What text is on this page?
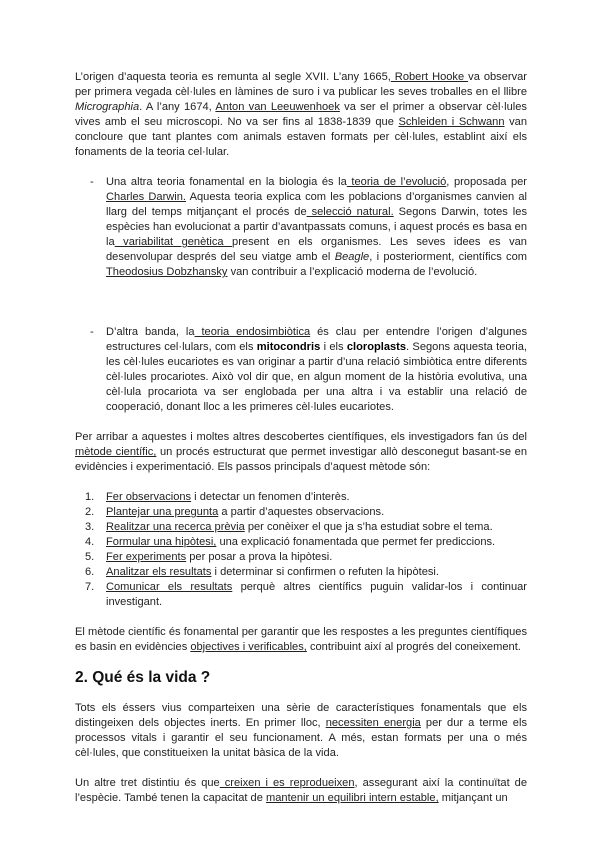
L’origen d’aquesta teoria es remunta al segle XVII. L’any 1665, Robert Hooke va observar per primera vegada cèl·lules en làmines de suro i va publicar les seves troballes en el llibre Micrographia. A l’any 1674, Anton van Leeuwenhoek va ser el primer a observar cèl·lules vives amb el seu microscopi. No va ser fins al 1838-1839 que Schleiden i Schwann van concloure que tant plantes com animals estaven formats per cèl·lules, establint així els fonaments de la teoria cel·lular.

- Una altra teoria fonamental en la biologia és la teoria de l’evolució, proposada per Charles Darwin. Aquesta teoria explica com les poblacions d’organismes canvien al llarg del temps mitjançant el procés de selecció natural. Segons Darwin, totes les espècies han evolucionat a partir d’avantpassats comuns, i aquest procés es basa en la variabilitat genètica present en els organismes. Les seves idees es van desenvolupar després del seu viatge amb el Beagle, i posteriorment, científics com Theodosius Dobzhansky van contribuir a l’explicació moderna de l’evolució.
- D’altra banda, la teoria endosimbiòtica és clau per entendre l’origen d’algunes estructures cel·lulars, com els mitocondris i els cloroplasts. Segons aquesta teoria, les cèl·lules eucariotes es van originar a partir d’una relació simbiòtica entre diferents cèl·lules procariotes. Això vol dir que, en algun moment de la història evolutiva, una cèl·lula procariota va ser englobada per una altra i va establir una relació de cooperació, donant lloc a les primeres cèl·lules eucariotes.

Per arribar a aquestes i moltes altres descobertes científiques, els investigadors fan ús del mètode científic, un procés estructurat que permet investigar allò desconegut basant-se en evidències i experimentació. Els passos principals d’aquest mètode són:

1. Fer observacions i detectar un fenomen d’interès.
2. Plantejar una pregunta a partir d’aquestes observacions.
3. Realitzar una recerca prèvia per conèixer el que ja s’ha estudiat sobre el tema.
4. Formular una hipòtesi, una explicació fonamentada que permet fer prediccions.
5. Fer experiments per posar a prova la hipòtesi.
6. Analitzar els resultats i determinar si confirmen o refuten la hipòtesi.
7. Comunicar els resultats perquè altres científics puguin validar-los i continuar investigant.

El mètode científic és fonamental per garantir que les respostes a les preguntes científiques es basin en evidències objectives i verificables, contribuint així al progrés del coneixement.

2. Qué és la vida ?

Tots els éssers vius comparteixen una sèrie de característiques fonamentals que els distingeixen dels objectes inerts. En primer lloc, necessiten energia per dur a terme els processos vitals i garantir el seu funcionament. A més, estan formats per una o més cèl·lules, que constitueixen la unitat bàsica de la vida.

Un altre tret distintiu és que creixen i es reprodueixen, assegurant així la continuïtat de l’espècie. També tenen la capacitat de mantenir un equilibri intern estable, mitjançant un
